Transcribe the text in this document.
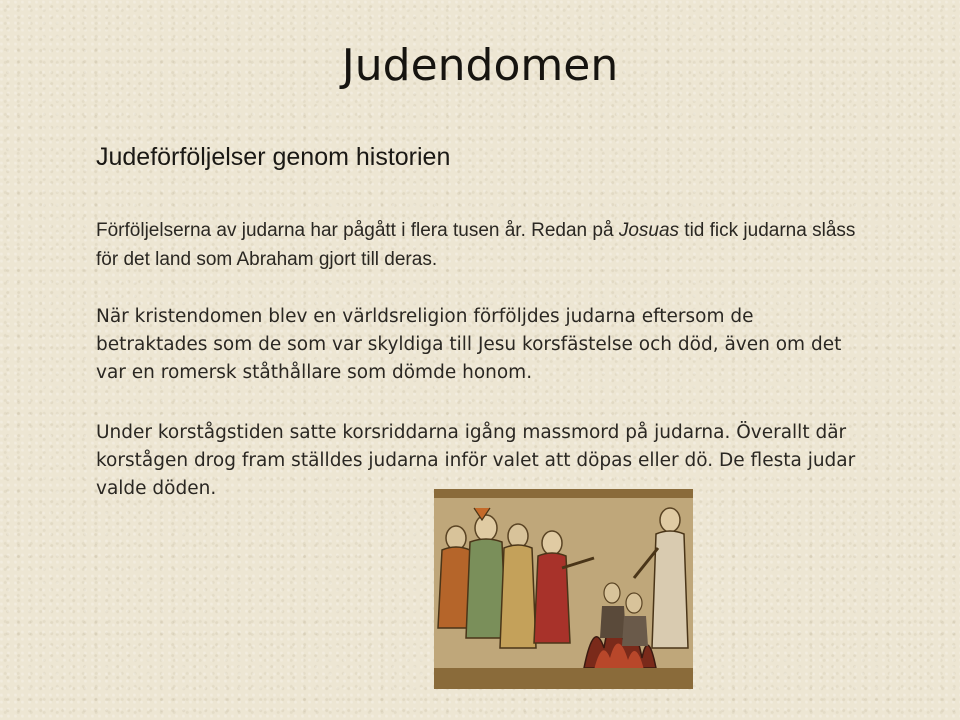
Judendomen
Judeförföljelser genom historien
Förföljelserna av judarna har pågått i flera tusen år. Redan på Josuas tid fick judarna slåss för det land som Abraham gjort till deras.
När kristendomen blev en världsreligion förföljdes judarna eftersom de betraktades som de som var skyldiga till Jesu korsfästelse och död, även om det var en romersk ståthållare som dömde honom.
Under korstågstiden satte korsriddarna igång massmord på judarna. Överallt där korstågen drog fram ställdes judarna inför valet att döpas eller dö. De flesta judar valde döden.
